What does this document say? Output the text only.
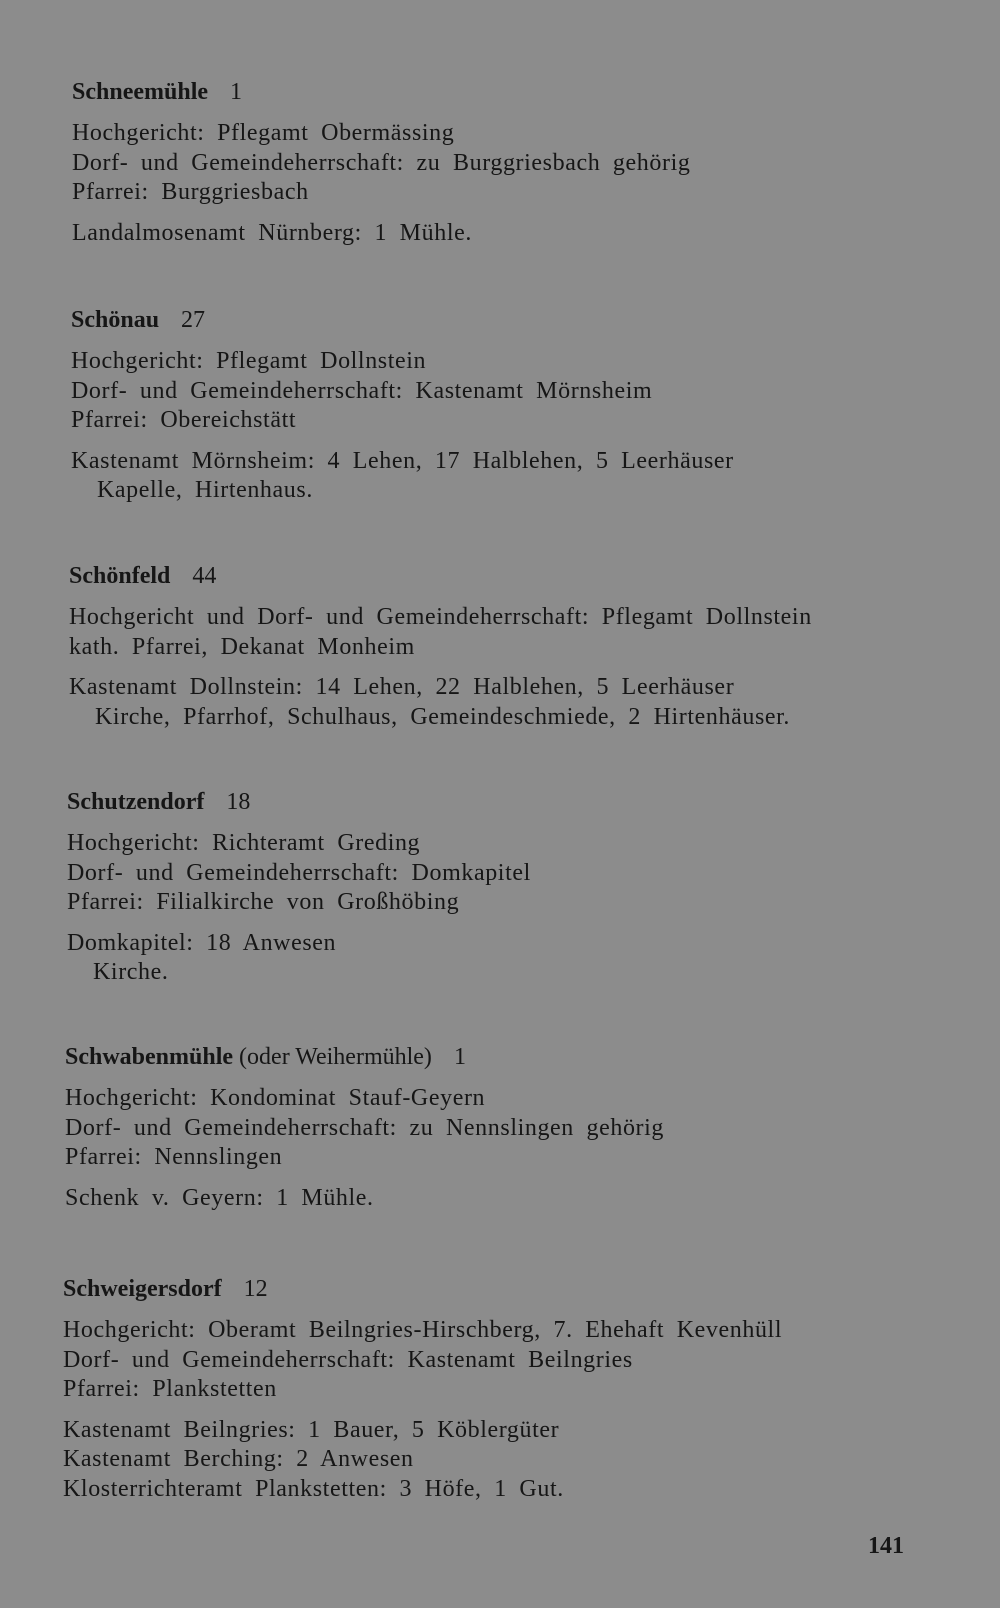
Schneemühle 1
Hochgericht: Pflegamt Obermässing
Dorf- und Gemeindeherrschaft: zu Burggriesbach gehörig
Pfarrei: Burggriesbach
Landalmosenamt Nürnberg: 1 Mühle.
Schönau 27
Hochgericht: Pflegamt Dollnstein
Dorf- und Gemeindeherrschaft: Kastenamt Mörnsheim
Pfarrei: Obereichstätt
Kastenamt Mörnsheim: 4 Lehen, 17 Halblehen, 5 Leerhäuser
Kapelle, Hirtenhaus.
Schönfeld 44
Hochgericht und Dorf- und Gemeindeherrschaft: Pflegamt Dollnstein
kath. Pfarrei, Dekanat Monheim
Kastenamt Dollnstein: 14 Lehen, 22 Halblehen, 5 Leerhäuser
Kirche, Pfarrhof, Schulhaus, Gemeindeschmiede, 2 Hirtenhäuser.
Schutzendorf 18
Hochgericht: Richteramt Greding
Dorf- und Gemeindeherrschaft: Domkapitel
Pfarrei: Filialkirche von Großhöbing
Domkapitel: 18 Anwesen
Kirche.
Schwabenmühle (oder Weihermühle) 1
Hochgericht: Kondominat Stauf-Geyern
Dorf- und Gemeindeherrschaft: zu Nennslingen gehörig
Pfarrei: Nennslingen
Schenk v. Geyern: 1 Mühle.
Schweigersdorf 12
Hochgericht: Oberamt Beilngries-Hirschberg, 7. Ehehaft Kevenhüll
Dorf- und Gemeindeherrschaft: Kastenamt Beilngries
Pfarrei: Plankstetten
Kastenamt Beilngries: 1 Bauer, 5 Köblergüter
Kastenamt Berching: 2 Anwesen
Klosterrichteramt Plankstetten: 3 Höfe, 1 Gut.
141
